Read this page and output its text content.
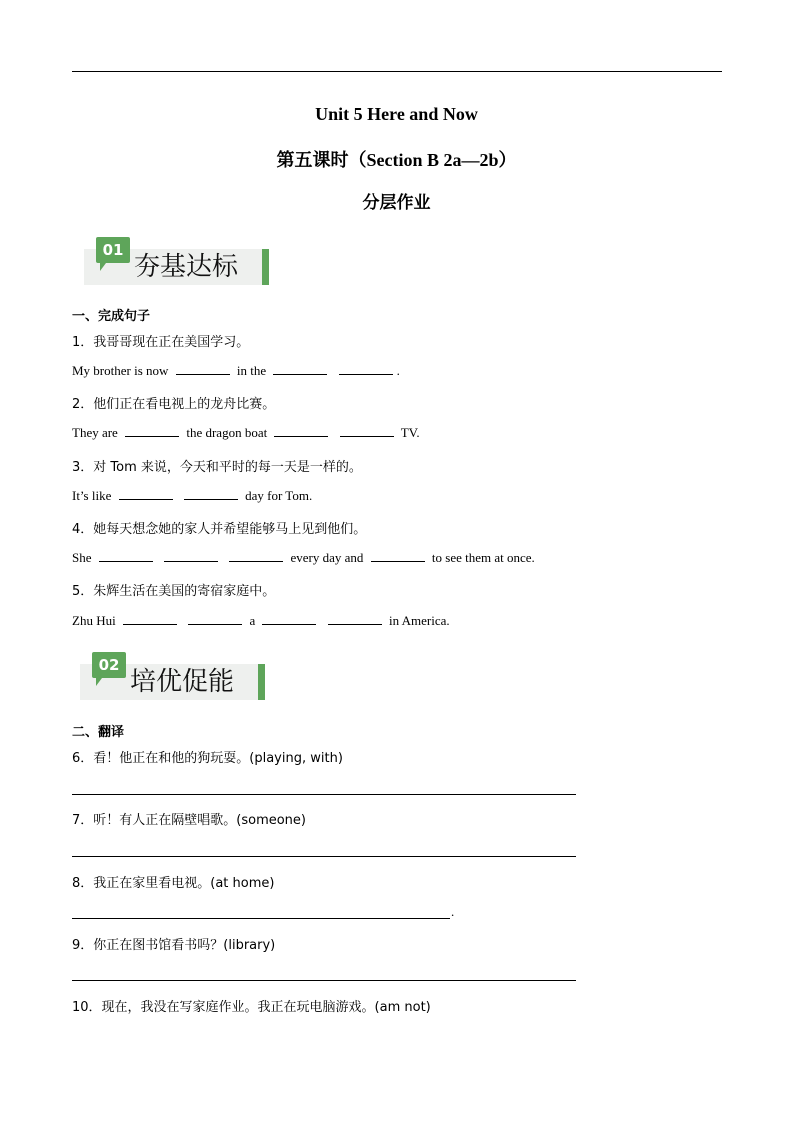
Unit 5 Here and Now
第五课时（Section B 2a—2b）
分层作业
01
夯基达标
一、完成句子
1．我哥哥现在正在美国学习。
My brother is now	in the	.
2．他们正在看电视上的龙舟比赛。
They are	the dragon boat	TV.
3．对 Tom 来说，今天和平时的每一天是一样的。
It’s like	day for Tom.
4．她每天想念她的家人并希望能够马上见到他们。
She	every day and	to see them at once.
5．朱辉生活在美国的寄宿家庭中。
Zhu Hui	a	in America.
02
培优促能
二、翻译
6．看！他正在和他的狗玩耍。(playing, with)
7．听！有人正在隔壁唱歌。(someone)
8．我正在家里看电视。(at home)
.
9．你正在图书馆看书吗？(library)
10．现在，我没在写家庭作业。我正在玩电脑游戏。(am not)
